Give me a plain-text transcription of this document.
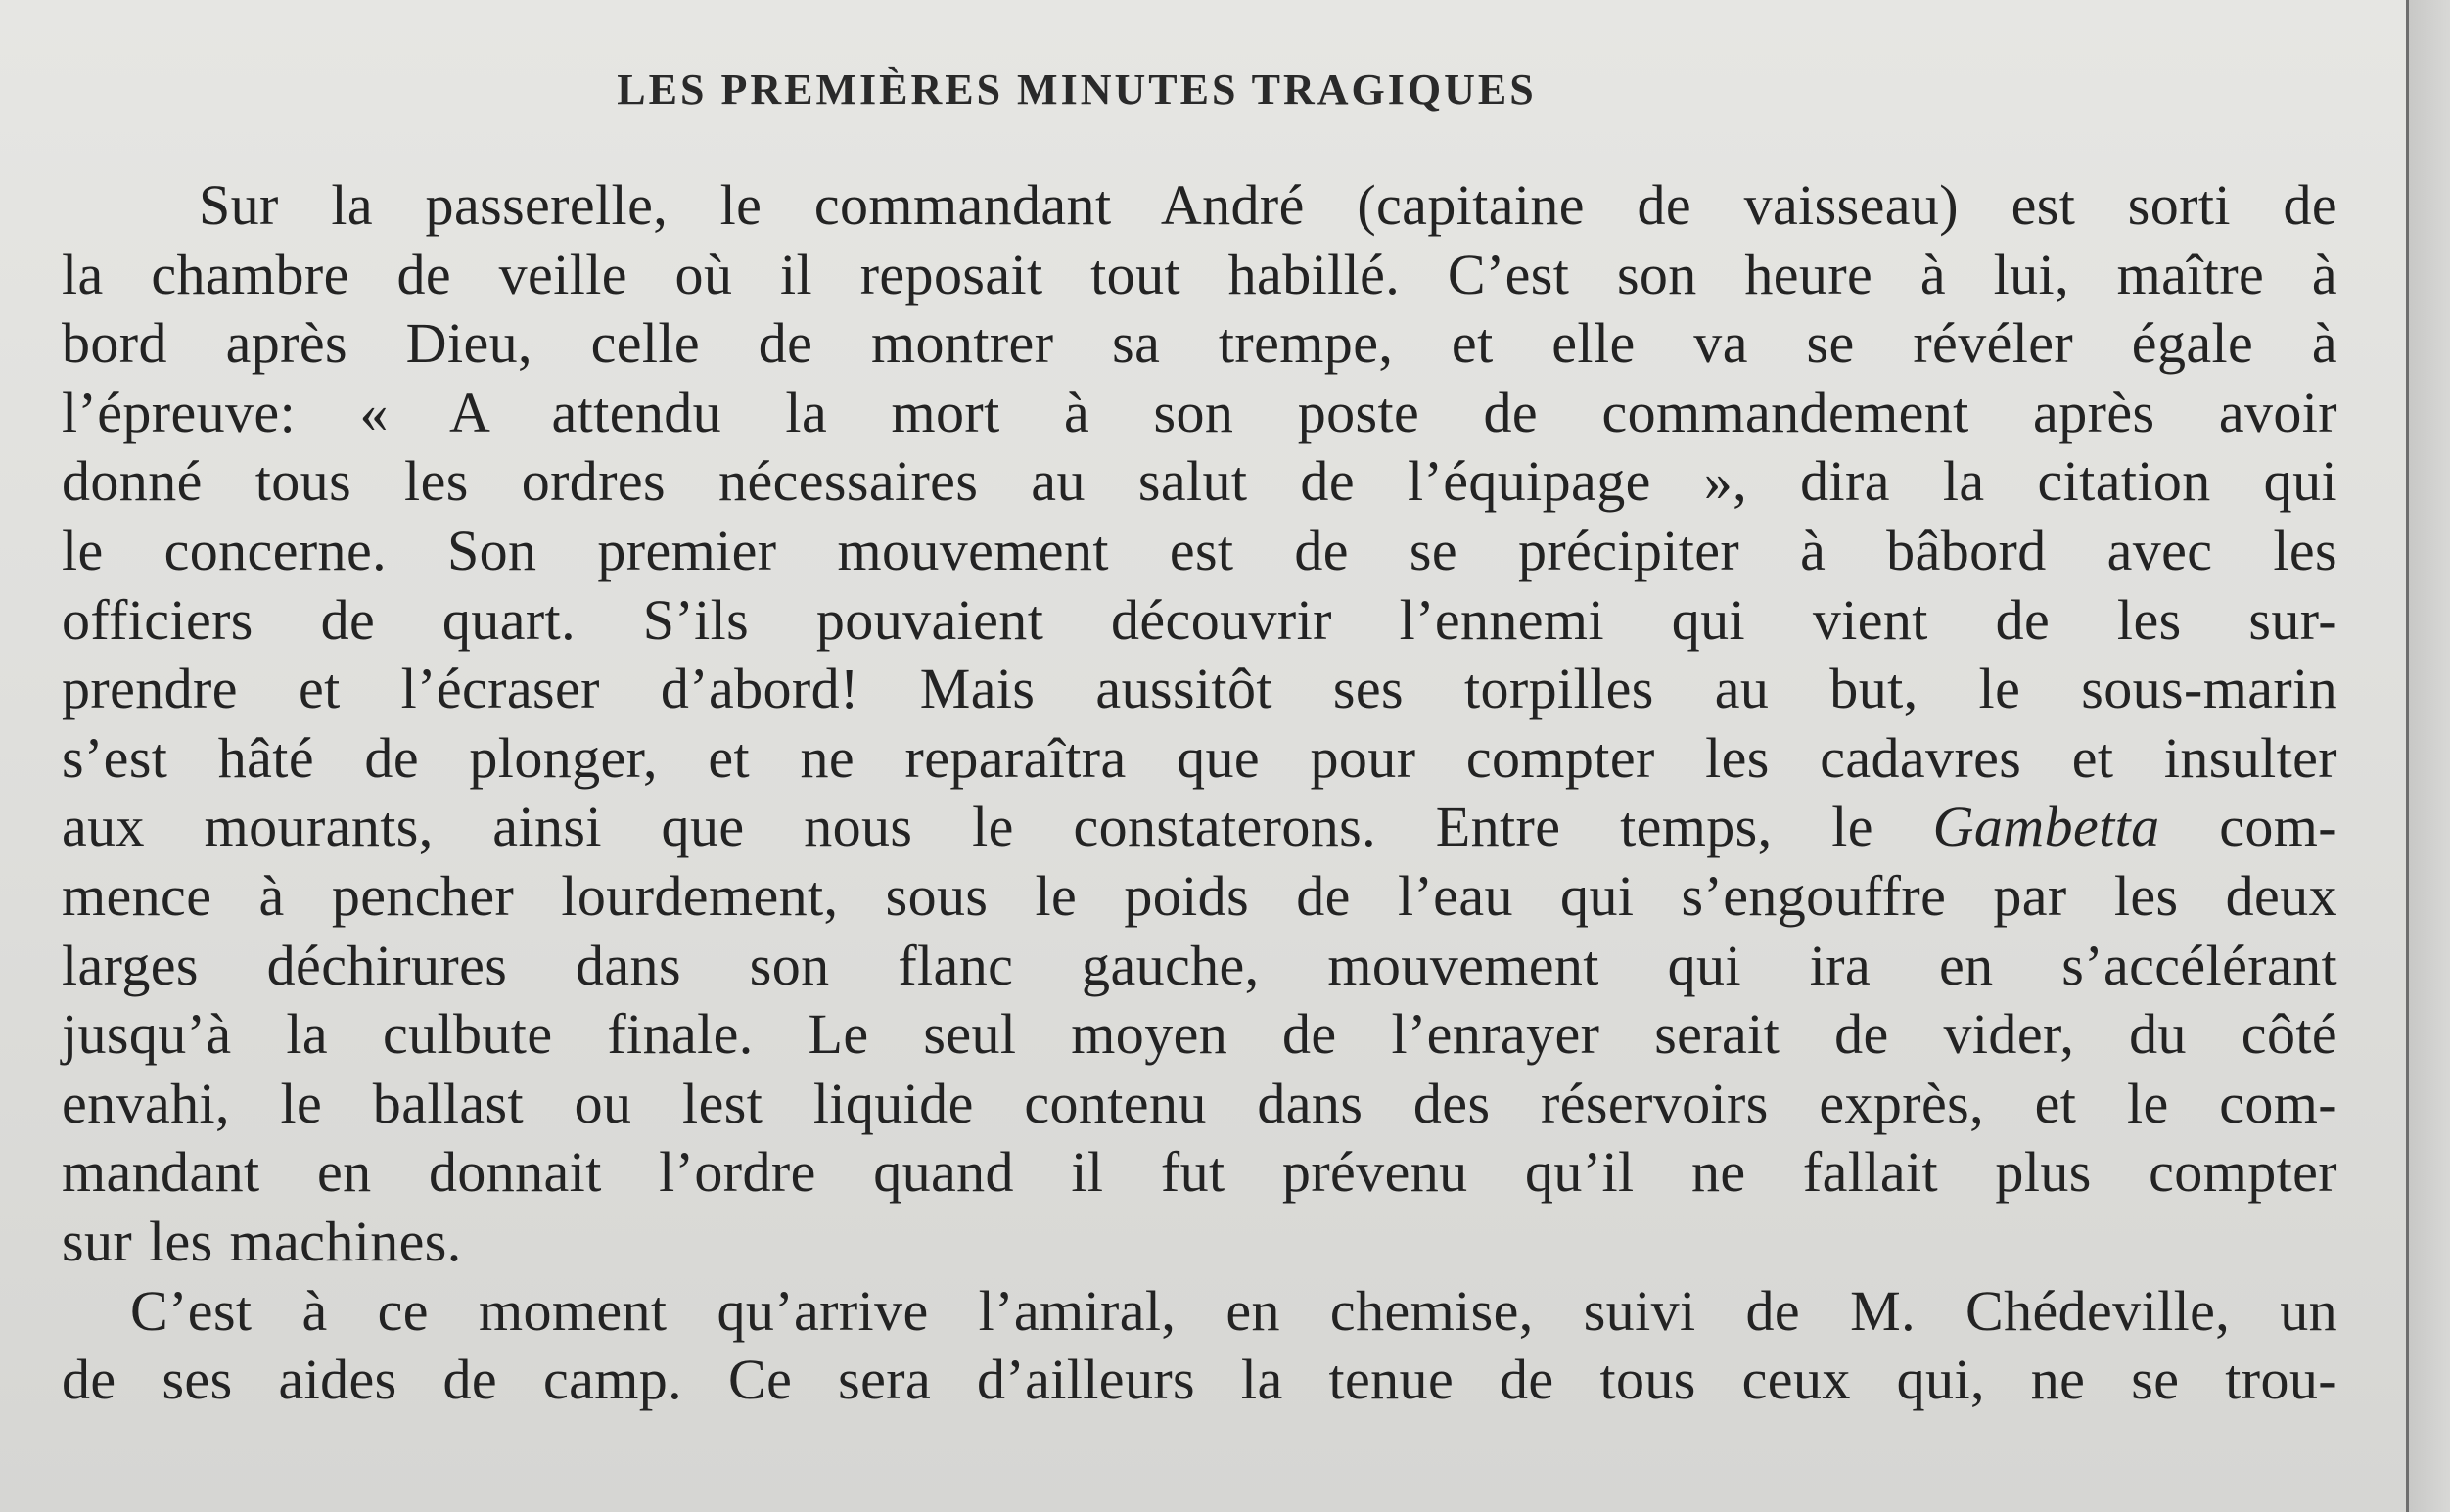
LES PREMIÈRES MINUTES TRAGIQUES
Sur la passerelle, le commandant André (capitaine de vaisseau) est sorti de
la chambre de veille où il reposait tout habillé. C’est son heure à lui, maître à
bord après Dieu, celle de montrer sa trempe, et elle va se révéler égale à
l’épreuve: « A attendu la mort à son poste de commandement après avoir
donné tous les ordres nécessaires au salut de l’équipage », dira la citation qui
le concerne. Son premier mouvement est de se précipiter à bâbord avec les
officiers de quart. S’ils pouvaient découvrir l’ennemi qui vient de les sur-
prendre et l’écraser d’abord! Mais aussitôt ses torpilles au but, le sous-marin
s’est hâté de plonger, et ne reparaîtra que pour compter les cadavres et insulter
aux mourants, ainsi que nous le constaterons. Entre temps, le Gambetta com-
mence à pencher lourdement, sous le poids de l’eau qui s’engouffre par les deux
larges déchirures dans son flanc gauche, mouvement qui ira en s’accélérant
jusqu’à la culbute finale. Le seul moyen de l’enrayer serait de vider, du côté
envahi, le ballast ou lest liquide contenu dans des réservoirs exprès, et le com-
mandant en donnait l’ordre quand il fut prévenu qu’il ne fallait plus compter
sur les machines.
C’est à ce moment qu’arrive l’amiral, en chemise, suivi de M. Chédeville, un
de ses aides de camp. Ce sera d’ailleurs la tenue de tous ceux qui, ne se trou-
